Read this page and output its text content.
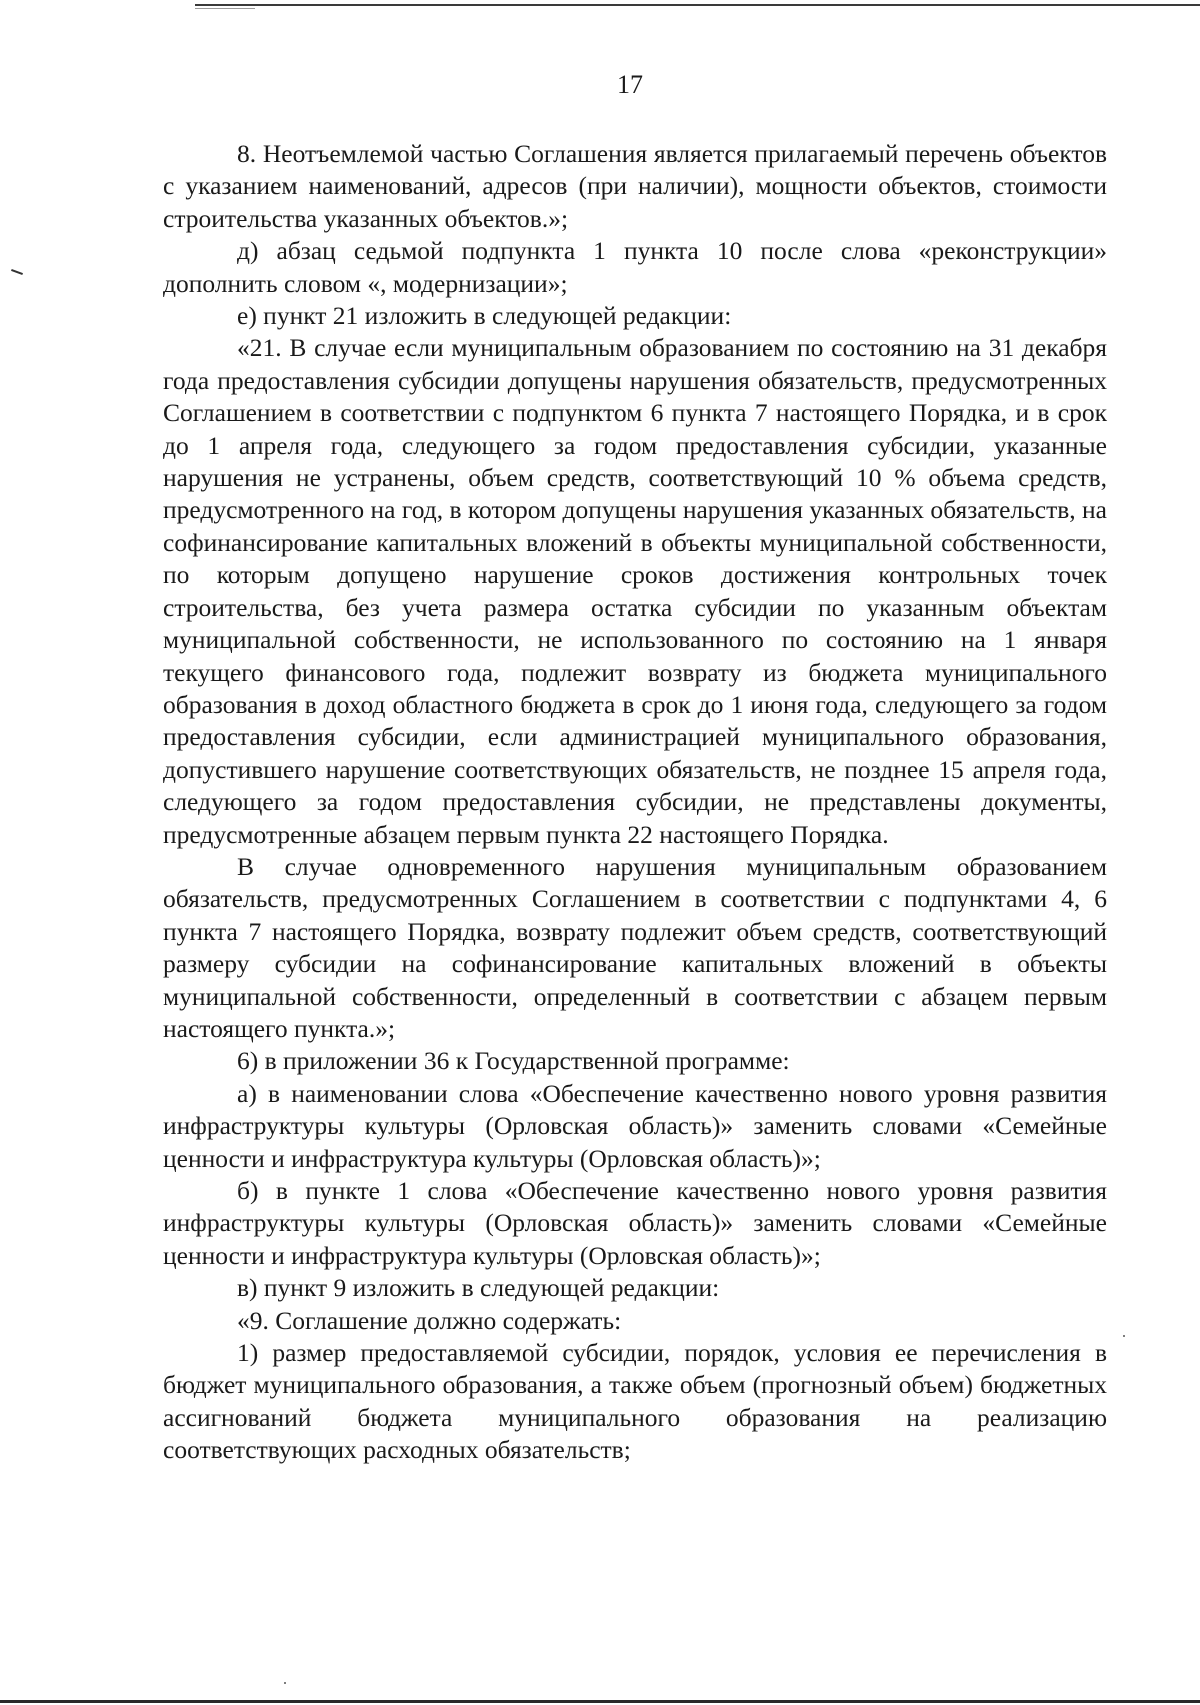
17

8. Неотъемлемой частью Соглашения является прилагаемый перечень объектов с указанием наименований, адресов (при наличии), мощности объектов, стоимости строительства указанных объектов.»;

д) абзац седьмой подпункта 1 пункта 10 после слова «реконструкции» дополнить словом «, модернизации»;

е) пункт 21 изложить в следующей редакции:

«21. В случае если муниципальным образованием по состоянию на 31 декабря года предоставления субсидии допущены нарушения обязательств, предусмотренных Соглашением в соответствии с подпунктом 6 пункта 7 настоящего Порядка, и в срок до 1 апреля года, следующего за годом предоставления субсидии, указанные нарушения не устранены, объем средств, соответствующий 10 % объема средств, предусмотренного на год, в котором допущены нарушения указанных обязательств, на софинансирование капитальных вложений в объекты муниципальной собственности, по которым допущено нарушение сроков достижения контрольных точек строительства, без учета размера остатка субсидии по указанным объектам муниципальной собственности, не использованного по состоянию на 1 января текущего финансового года, подлежит возврату из бюджета муниципального образования в доход областного бюджета в срок до 1 июня года, следующего за годом предоставления субсидии, если администрацией муниципального образования, допустившего нарушение соответствующих обязательств, не позднее 15 апреля года, следующего за годом предоставления субсидии, не представлены документы, предусмотренные абзацем первым пункта 22 настоящего Порядка.

В случае одновременного нарушения муниципальным образованием обязательств, предусмотренных Соглашением в соответствии с подпунктами 4, 6 пункта 7 настоящего Порядка, возврату подлежит объем средств, соответствующий размеру субсидии на софинансирование капитальных вложений в объекты муниципальной собственности, определенный в соответствии с абзацем первым настоящего пункта.»;

6) в приложении 36 к Государственной программе:

а) в наименовании слова «Обеспечение качественно нового уровня развития инфраструктуры культуры (Орловская область)» заменить словами «Семейные ценности и инфраструктура культуры (Орловская область)»;

б) в пункте 1 слова «Обеспечение качественно нового уровня развития инфраструктуры культуры (Орловская область)» заменить словами «Семейные ценности и инфраструктура культуры (Орловская область)»;

в) пункт 9 изложить в следующей редакции:

«9. Соглашение должно содержать:

1) размер предоставляемой субсидии, порядок, условия ее перечисления в бюджет муниципального образования, а также объем (прогнозный объем) бюджетных ассигнований бюджета муниципального образования на реализацию соответствующих расходных обязательств;
